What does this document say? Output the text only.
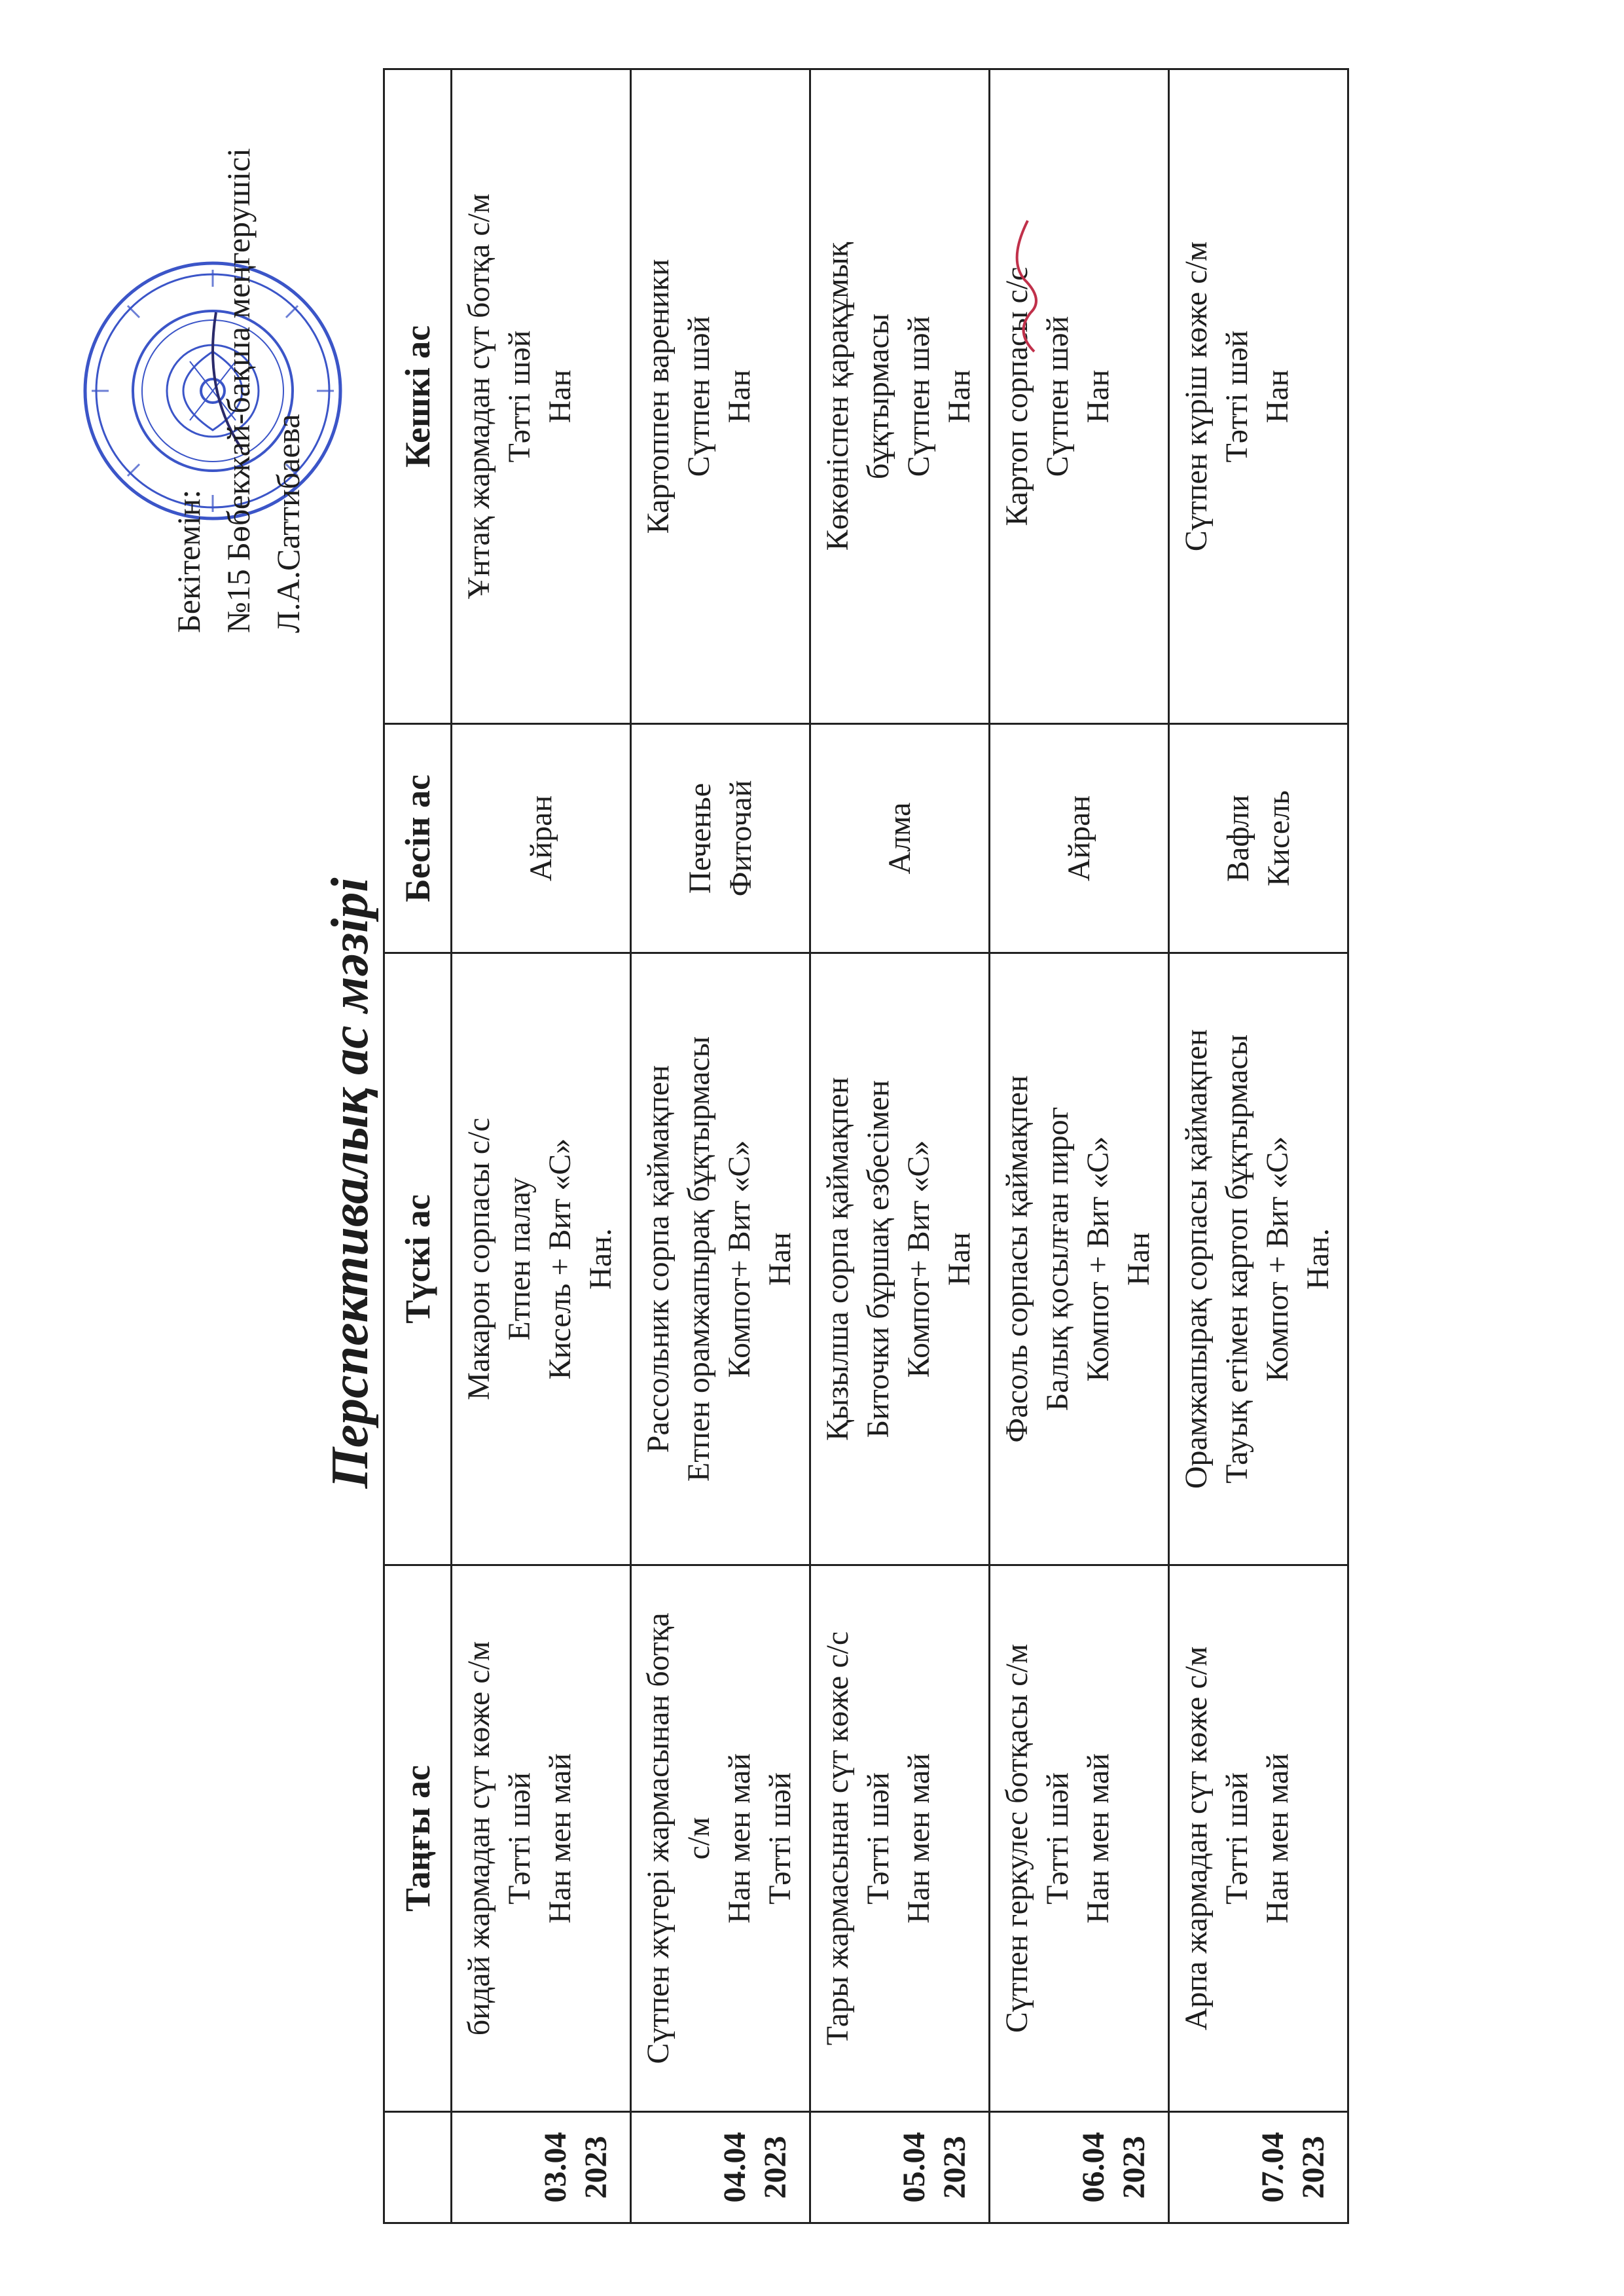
Бекітемін: №15 Бөбекжай-бақша меңгерушісі Л.А.Саттибаева
Перспективалық ас мәзірі
	Таңғы ас	Түскі ас	Бесін ас	Кешкі ас

03.04 2023	бидай жармадан сүт көже с/м Тәтті шәй Нан мен май	Макарон сорпасы с/с Етпен палау Кисель + Вит «С» Нан.	Айран	Ұнтақ жармадан сүт ботқа с/м Тәтті шәй Нан

04.04 2023	Сүтпен жүгері жармасынан ботқа с/м Нан мен май Тәтті шәй	Рассольник сорпа қаймақпен Етпен орамжапырақ бұқтырмасы Компот+ Вит «С» Нан	Печенье Фиточай	Картоппен вареники Сүтпен шәй Нан

05.04 2023	Тары жармасынан сүт көже с/с Тәтті шәй Нан мен май	Қызылша сорпа қаймақпен Биточки бұршақ езбесімен Компот+ Вит «С» Нан	Алма	Көкөніспен қарақұмық бұқтырмасы Сүтпен шәй Нан

06.04 2023	Сүтпен геркулес ботқасы с/м Тәтті шәй Нан мен май	Фасоль сорпасы қаймақпен Балық қосылған пирог Компот + Вит «С» Нан	Айран	Картоп сорпасы с/с Сүтпен шәй Нан

07.04 2023	Арпа жармадан сүт көже с/м Тәтті шәй Нан мен май	Орамжапырақ сорпасы қаймақпен Тауық етімен картоп бұқтырмасы Компот + Вит «С» Нан.	Вафли Кисель	Сүтпен күріш көже с/м Тәтті шәй Нан
